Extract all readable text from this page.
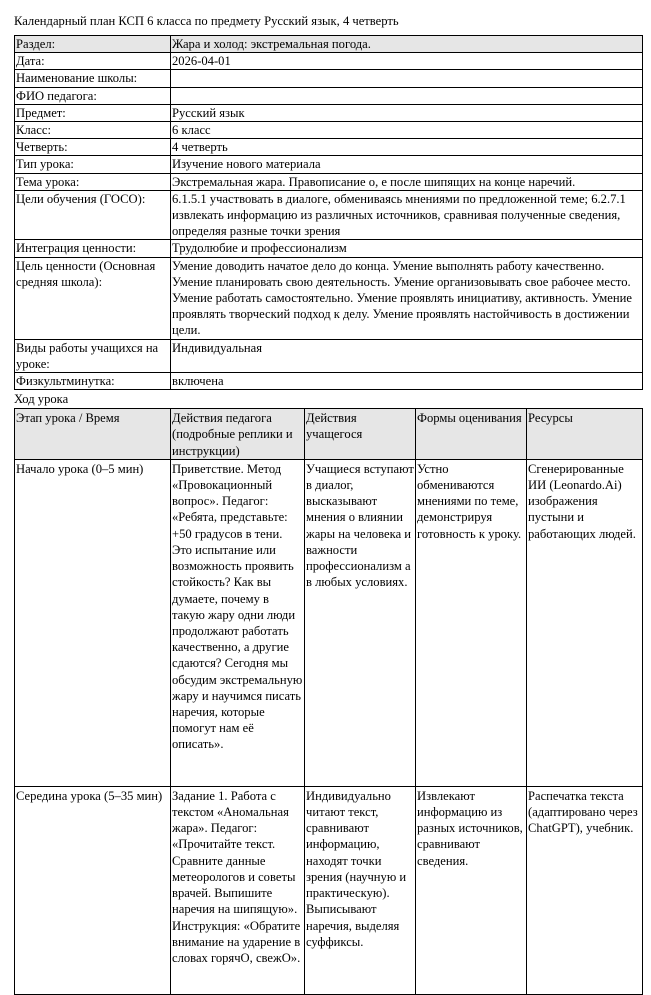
Календарный план КСП 6 класса по предмету Русский язык, 4 четверть
Раздел:	Жара и холод: экстремальная погода.
Дата:	2026-04-01
Наименование школы:	
ФИО педагога:	
Предмет:	Русский язык
Класс:	6 класс
Четверть:	4 четверть
Тип урока:	Изучение нового материала
Тема урока:	Экстремальная жара. Правописание о, е после шипящих на конце наречий.
Цели обучения (ГОСО):	6.1.5.1 участвовать в диалоге, обмениваясь мнениями по предложенной теме; 6.2.7.1 извлекать информацию из различных источников, сравнивая полученные сведения, определяя разные точки зрения
Интеграция ценности:	Трудолюбие и профессионализм
Цель ценности (Основная средняя школа):	Умение доводить начатое дело до конца. Умение выполнять работу качественно. Умение планировать свою деятельность. Умение организовывать свое рабочее место. Умение работать самостоятельно. Умение проявлять инициативу, активность. Умение проявлять творческий подход к делу. Умение проявлять настойчивость в достижении цели.
Виды работы учащихся на уроке:	Индивидуальная
Физкультминутка:	включена
Ход урока
Этап урока / Время	Действия педагога (подробные реплики и инструкции)	Действия учащегося	Формы оценивания	Ресурсы
Начало урока (0–5 мин)	Приветствие. Метод «Провокационный вопрос». Педагог: «Ребята, представьте: +50 градусов в тени. Это испытание или возможность проявить стойкость? Как вы думаете, почему в такую жару одни люди продолжают работать качественно, а другие сдаются? Сегодня мы обсудим экстремальную жару и научимся писать наречия, которые помогут нам её описать».	Учащиеся вступают в диалог, высказывают мнения о влиянии жары на человека и важности профессионализм а в любых условиях.	Устно обмениваются мнениями по теме, демонстрируя готовность к уроку.	Сгенерированные ИИ (Leonardo.Ai) изображения пустыни и работающих людей.
Середина урока (5–35 мин)	Задание 1. Работа с текстом «Аномальная жара». Педагог: «Прочитайте текст. Сравните данные метеорологов и советы врачей. Выпишите наречия на шипящую». Инструкция: «Обратите внимание на ударение в словах горячО, свежО».	Индивидуально читают текст, сравнивают информацию, находят точки зрения (научную и практическую). Выписывают наречия, выделяя суффиксы.	Извлекают информацию из разных источников, сравнивают сведения.	Распечатка текста (адаптировано через ChatGPT), учебник.
